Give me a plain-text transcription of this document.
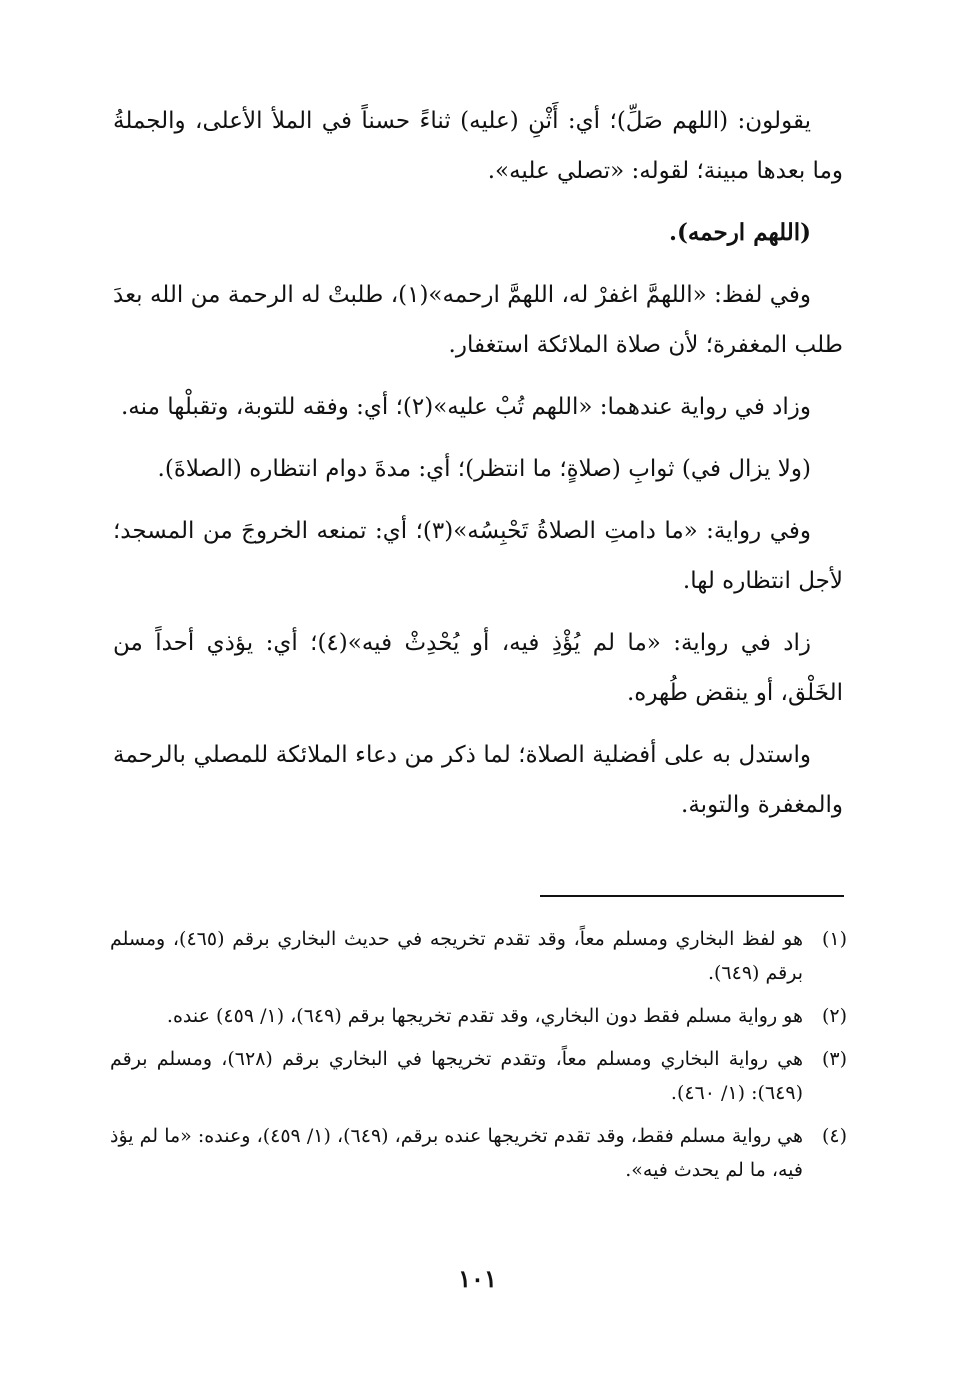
يقولون: (اللهم صَلِّ)؛ أي: أَثْنِ (عليه) ثناءً حسناً في الملأ الأعلى، والجملةُ وما بعدها مبينة؛ لقوله: «تصلي عليه».

(اللهم ارحمه).

وفي لفظ: «اللهمَّ اغفرْ له، اللهمَّ ارحمه»(١)، طلبتْ له الرحمة من الله بعدَ طلب المغفرة؛ لأن صلاة الملائكة استغفار.

وزاد في رواية عندهما: «اللهم تُبْ عليه»(٢)؛ أي: وفقه للتوبة، وتقبلْها منه.

(ولا يزال في) ثوابِ (صلاةٍ؛ ما انتظر)؛ أي: مدةَ دوام انتظاره (الصلاةَ).

وفي رواية: «ما دامتِ الصلاةُ تَحْبِسُه»(٣)؛ أي: تمنعه الخروجَ من المسجد؛ لأجل انتظاره لها.

زاد في رواية: «ما لم يُؤْذِ فيه، أو يُحْدِثْ فيه»(٤)؛ أي: يؤذي أحداً من الخَلْق، أو ينقض طُهره.

واستدل به على أفضلية الصلاة؛ لما ذكر من دعاء الملائكة للمصلي بالرحمة والمغفرة والتوبة.

(١)
هو لفظ البخاري ومسلم معاً، وقد تقدم تخريجه في حديث البخاري برقم (٤٦٥)، ومسلم برقم (٦٤٩).
(٢)
هو رواية مسلم فقط دون البخاري، وقد تقدم تخريجها برقم (٦٤٩)، (١/ ٤٥٩) عنده.
(٣)
هي رواية البخاري ومسلم معاً، وتقدم تخريجها في البخاري برقم (٦٢٨)، ومسلم برقم (٦٤٩): (١/ ٤٦٠).
(٤)
هي رواية مسلم فقط، وقد تقدم تخريجها عنده برقم، (٦٤٩)، (١/ ٤٥٩)، وعنده: «ما لم يؤذ فيه، ما لم يحدث فيه».
١٠١
